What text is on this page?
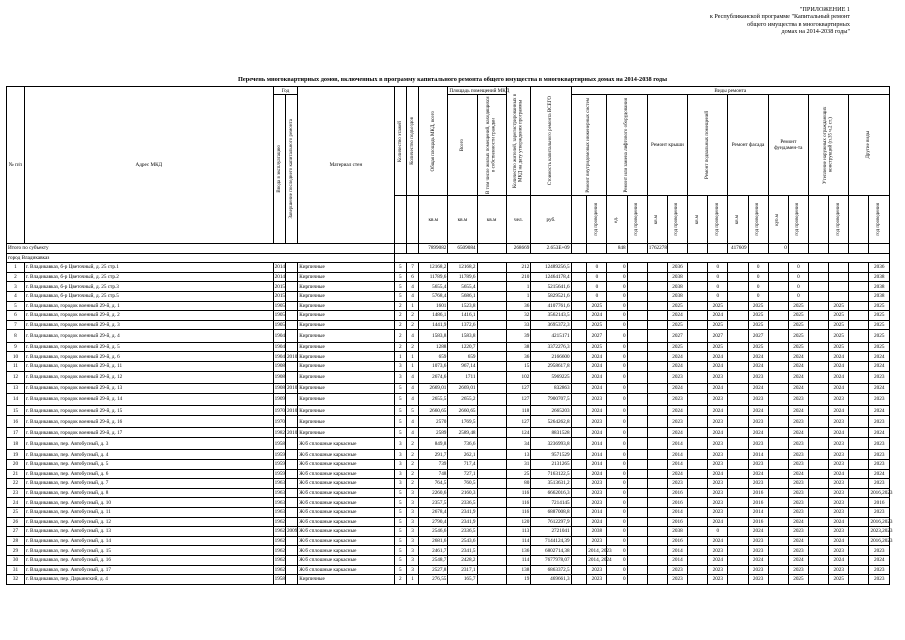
"ПРИЛОЖЕНИЕ 1
к Республиканской программе "Капитальный ремонт
общего имущества в многоквартирных
домах на 2014-2038 годы"
Перечень многоквартирных домов, включенных в программу капитального ремонта общего имущества в многоквартирных домах на 2014-2038 годы
№ п/п	Адрес МКД	Год		Материал стен	Количество этажей	Количество подъездов	Общая площадь МКД, всего	Площадь помещений МКД		Количество жителей, зарегистрированных в МКД на дату утверждения программы	Стоимость капитального ремонта ВСЕГО	Виды ремонта															

		Ввода в эксплуатацию	Завершение последнего капитального ремонта					Всего	В том числе жилых помещений, находящихся в собственности граждан			Ремонт внутридомовых инженерных систем		Ремонт или замена лифтового оборудования		Ремонт крыши		Ремонт подвальных помещений		Ремонт фасада		Ремонт фундамен-та		Утепление наружных ограждающих конструкций (п.35 ч.2 ст.)		Другие виды	

						кв.м	кв.м	кв.м	чел.	руб.		год проведения	ед.	год проведения	кв.м	год проведения	кв.м	год проведения	кв.м	год проведения	куб.м	год проведения		год проведения		год проведения

Итого по субъекту							7899082	6509084		268669	2.653E+09			848		1762278				417609		0					
город Владикавказ																											
1	г. Владикавказ, б-р Цветочный, д. 25 стр.1	2014		Кирпичные	5	7	12168,2	12168,2		212	12489256,5		0	0			2036		0		0		0				2036
2	г. Владикавказ, б-р Цветочный, д. 25 стр.2	2014		Кирпичные	5	6	11789,6	11789,6		210	12464178,4		0	0			2038		0		0		0				2038
3	г. Владикавказ, б-р Цветочный, д. 25 стр.3	2015		Кирпичные	5	4	5655,4	5655,4		1	5215641,6		0	0			2038		0		0		0				2038
4	г. Владикавказ, б-р Цветочный, д. 25 стр.5	2015		Кирпичные	5	4	5768,4	5686,1		1	5829521,6		0	0			2038		0		0		0				2038
5	г. Владикавказ, городок военный 29-й, д. 1	1905		Кирпичные	2	1	1601	1523,8		36	4107761,6		2025	0			2025		2025		2025		2025		2025		2025
6	г. Владикавказ, городок военный 29-й, д. 2	1905		Кирпичные	2	2	1486,1	1416,1		32	3562143,5		2024	0			2024		2024		2025		2025		2025		2025
7	г. Владикавказ, городок военный 29-й, д. 3	1905		Кирпичные	2	2	1441,9	1372,6		33	3695372,3		2025	0			2025		2025		2025		2025		2025		2025
8	г. Владикавказ, городок военный 29-й, д. 4	1904		Кирпичные	2	4	1583,8	1583,8		39	4215171		2027	0			2027		2027		2027		2025		2025		2025
9	г. Владикавказ, городок военный 29-й, д. 5	1904		Кирпичные	2	2	1288	1220,7		38	3372276,3		2025	0			2025		2025		2025		2025		2025		2025
10	г. Владикавказ, городок военный 29-й, д. 6	1904	2010	Кирпичные	1	1	659	659		36	2166600		2024	0			2024		2024		2024		2024		2024		2024
11	г. Владикавказ, городок военный 29-й, д. 11	1908		Кирпичные	3	1	1073,6	967,14		15	2958617,8		2024	0			2024		2024		2024		2024		2024		2024
12	г. Владикавказ, городок военный 29-й, д. 12	1908		Кирпичные	3	4	2674,6	1711		102	5969225		2024	0			2023		2023		2023		2024		2024		2023
13	г. Владикавказ, городок военный 29-й, д. 13	1908	2010	Кирпичные	5	4	2669,01	2669,01		127	832863		2024	0			2024		2024		2024		2024		2024		2024
14	г. Владикавказ, городок военный 29-й, д. 14	1909		Кирпичные	5	4	2655,5	2655,2		127	7900707,5		2023	0			2023		2023		2023		2023		2023		2023
15	г. Владикавказ, городок военный 29-й, д. 15	1970	2010	Кирпичные	5	5	2660,65	2660,65		118	2665203		2024	0			2024		2024		2024		2024		2024		2024
16	г. Владикавказ, городок военный 29-й, д. 16	1970		Кирпичные	5	4	2570	1769,5		127	5264262,8		2023	0			2023		2023		2023		2023		2023		2023
17	г. Владикавказ, городок военный 29-й, д. 17	1982	2010	Кирпичные	5	4	2589	2589,48		124	8831528		2024	0			2024		2024		2024		2024		2024		2024
18	г. Владикавказ, пер. Автобусный, д. 3	1958		Ж/б сплошные каркасные	3	2	849,8	736,6		34	3236993,8		2014	0			2014		2023		2023		2023		2023		2023
19	г. Владикавказ, пер. Автобусный, д. 4	1959		Ж/б сплошные каркасные	3	2	291,7	262,1		13	9571529		2014	0			2014		2023		2014		2023		2023		2023
20	г. Владикавказ, пер. Автобусный, д. 5	1959		Ж/б сплошные каркасные	3	2	739	717,4		31	2131265		2014	0			2014		2023		2023		2023		2023		2023
21	г. Владикавказ, пер. Автобусный, д. 6	1959		Ж/б сплошные каркасные	3	2	748	727,1		25	7163122,5		2024	0			2024		2024		2024		2024		2024		2024
22	г. Владикавказ, пер. Автобусный, д. 7	1963		Ж/б сплошные каркасные	3	2	764,5	760,5		80	3513631,2		2023	0			2023		2023		2023		2023		2023		2023
23	г. Владикавказ, пер. Автобусный, д. 8	1963		Ж/б сплошные каркасные	5	3	2260,6	2160,3		116	6662016,3		2023	0			2016		2023		2016		2023		2023		2016,2023
24	г. Владикавказ, пер. Автобусный, д. 10	1963		Ж/б сплошные каркасные	5	3	2357,5	2336,5		116	7214145		2023	0			2016		2023		2016		2023		2023		2016
25	г. Владикавказ, пер. Автобусный, д. 11	1963		Ж/б сплошные каркасные	5	3	2678,4	2341,9		116	6887008,8		2014	0			2014		2023		2014		2023		2023		2023
26	г. Владикавказ, пер. Автобусный, д. 12	1962		Ж/б сплошные каркасные	5	3	2790,4	2341,9		120	7612297,9		2024	0			2016		2024		2016		2024		2024		2016,2023
27	г. Владикавказ, пер. Автобусный, д. 13	1962	2009	Ж/б сплошные каркасные	5	3	2546,6	2336,5		113	2721041		2038	0			2038		0		2024		2023		2023		2023,2023
28	г. Владикавказ, пер. Автобусный, д. 14	1962		Ж/б сплошные каркасные	5	3	2681,6	2543,6		114	7144124,39		2023	0			2016		2024		2023		2024		2024		2016,2023
29	г. Владикавказ, пер. Автобусный, д. 15	1962		Ж/б сплошные каркасные	5	3	2461,7	2341,5		136	6802714,38		2014, 2023	0			2014		2023		2023		2023		2023		2023
30	г. Владикавказ, пер. Автобусный, д. 16	1962		Ж/б сплошные каркасные	5	3	2548,7	2428,2		114	7677978,07		2014, 2024	0			2014		2024		2024		2024		2024		2024
31	г. Владикавказ, пер. Автобусный, д. 17	1962		Ж/б сплошные каркасные	5	3	2527,8	2317,1		138	6863372,5		2023	0			2023		2023		2023		2023		2023		2023
32	г. Владикавказ, пер. Дарьинский, д. 4	1958		Кирпичные	2	1	276,55	165,7		19	469661,3		2023	0			2023		2023		2023		2025		2025		2023
